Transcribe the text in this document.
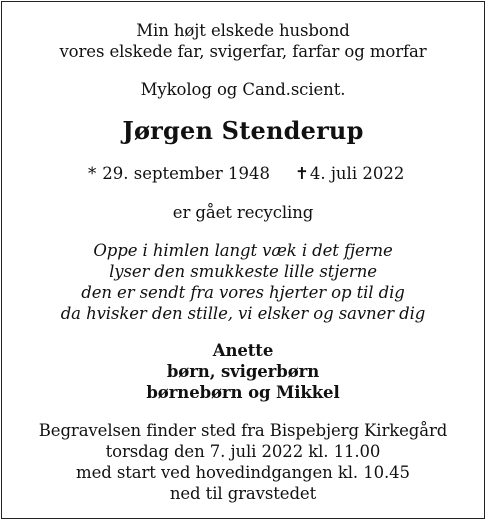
Min højt elskede husbond
vores elskede far, svigerfar, farfar og morfar
Mykolog og Cand.scient.
Jørgen Stenderup
* 29. september 1948 ✝4. juli 2022
er gået recycling
Oppe i himlen langt væk i det fjerne
lyser den smukkeste lille stjerne
den er sendt fra vores hjerter op til dig
da hvisker den stille, vi elsker og savner dig
Anette
børn, svigerbørn
børnebørn og Mikkel
Begravelsen finder sted fra Bispebjerg Kirkegård
torsdag den 7. juli 2022 kl. 11.00
med start ved hovedindgangen kl. 10.45
ned til gravstedet
